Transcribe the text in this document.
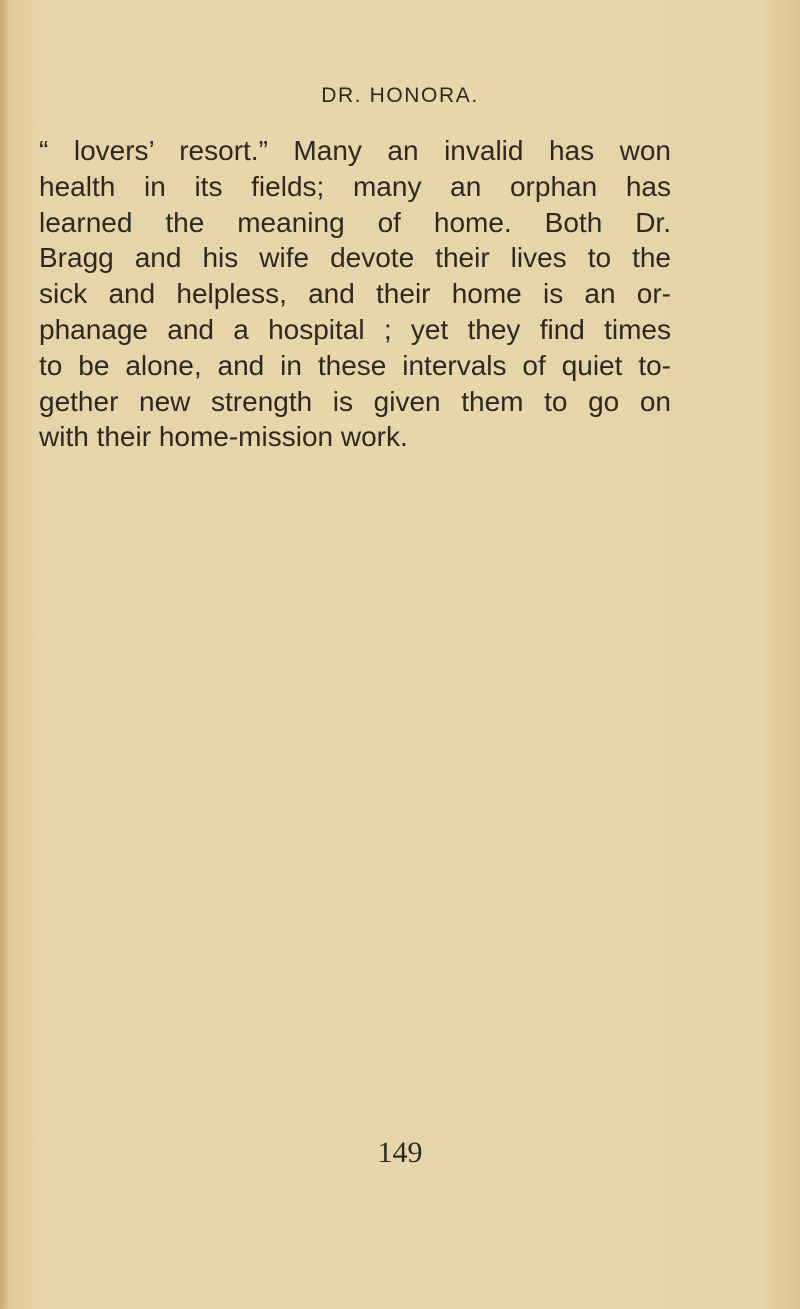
DR. HONORA.
“ lovers’ resort.” Many an invalid has won
health in its fields; many an orphan has
learned the meaning of home. Both Dr.
Bragg and his wife devote their lives to the
sick and helpless, and their home is an or-
phanage and a hospital ; yet they find times
to be alone, and in these intervals of quiet to-
gether new strength is given them to go on
with their home-mission work.
149
